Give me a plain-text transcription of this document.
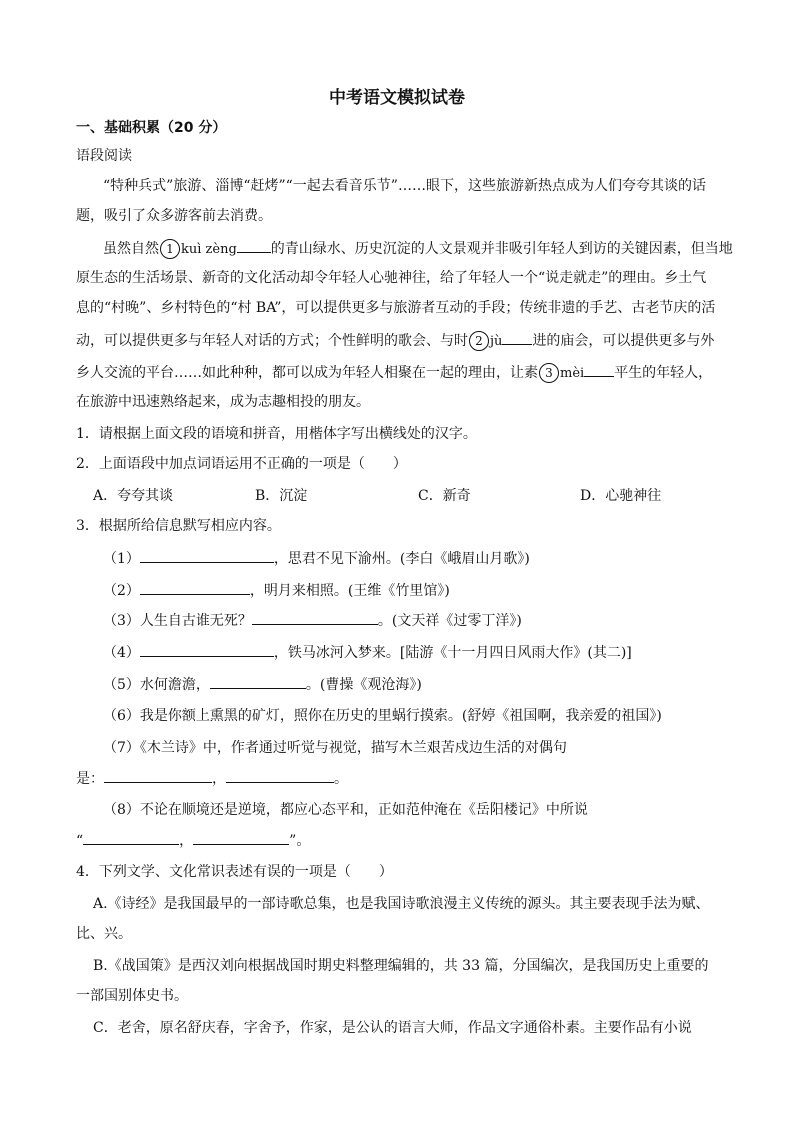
中考语文模拟试卷
一、基础积累（20 分）
语段阅读
“特种兵式”旅游、淄博“赶烤”“一起去看音乐节”……眼下，这些旅游新热点成为人们夸夸其谈的话
题，吸引了众多游客前去消费。
虽然自然 1 kuì zèng 的青山绿水、历史沉淀的人文景观并非吸引年轻人到访的关键因素，但当地
原生态的生活场景、新奇的文化活动却令年轻人心驰神往，给了年轻人一个“说走就走”的理由。乡土气
息的“村晚”、乡村特色的“村 BA”，可以提供更多与旅游者互动的手段；传统非遗的手艺、古老节庆的活
动，可以提供更多与年轻人对话的方式；个性鲜明的歌会、与时 2 jù 进的庙会，可以提供更多与外
乡人交流的平台……如此种种，都可以成为年轻人相聚在一起的理由，让素 3 mèi 平生的年轻人，
在旅游中迅速熟络起来，成为志趣相投的朋友。
1．请根据上面文段的语境和拼音，用楷体字写出横线处的汉字。
2．上面语段中加点词语运用不正确的一项是（　　）
A．夸夸其谈	B．沉淀	C．新奇	D．心驰神往
3．根据所给信息默写相应内容。
（1）	，思君不见下渝州。(李白《峨眉山月歌》)
（2）	，明月来相照。(王维《竹里馆》)
（3）人生自古谁无死？	。(文天祥《过零丁洋》)
（4）	，铁马冰河入梦来。[陆游《十一月四日风雨大作》(其二)]
（5）水何澹澹，	。(曹操《观沧海》)
（6）我是你额上熏黑的矿灯，照你在历史的里蜗行摸索。(舒婷《祖国啊，我亲爱的祖国》)
（7）《木兰诗》中，作者通过听觉与视觉，描写木兰艰苦戍边生活的对偶句
是：	，	。
（8）不论在顺境还是逆境，都应心态平和，正如范仲淹在《岳阳楼记》中所说
“	，	”。
4．下列文学、文化常识表述有误的一项是（　　）
A.《诗经》是我国最早的一部诗歌总集，也是我国诗歌浪漫主义传统的源头。其主要表现手法为赋、
比、兴。
B.《战国策》是西汉刘向根据战国时期史料整理编辑的，共 33 篇，分国编次，是我国历史上重要的
一部国别体史书。
C．老舍，原名舒庆春，字舍予，作家，是公认的语言大师，作品文字通俗朴素。主要作品有小说
